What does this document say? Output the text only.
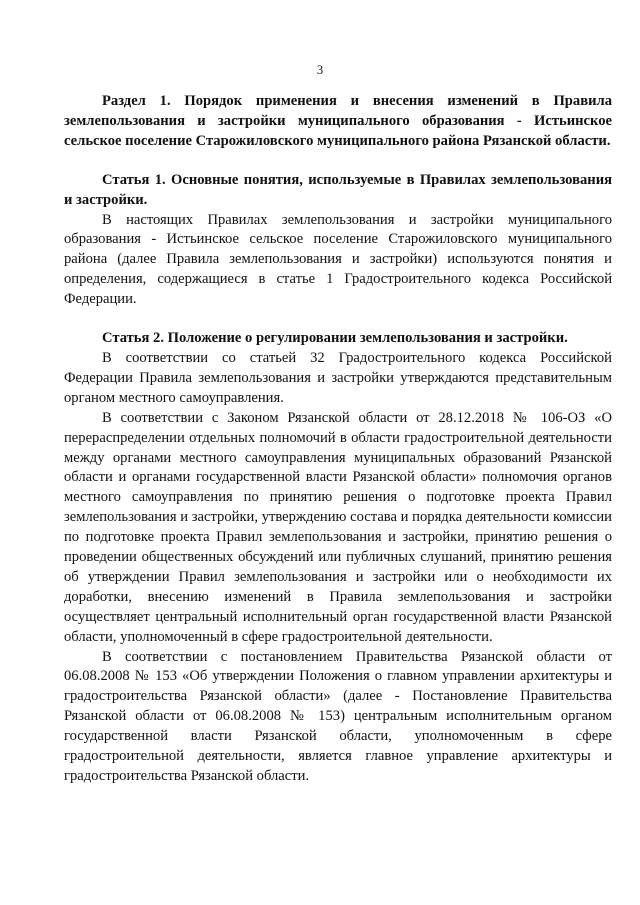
3

Раздел 1. Порядок применения и внесения изменений в Правила землепользования и застройки муниципального образования - Истьинское сельское поселение Старожиловского муниципального района Рязанской области.

Статья 1. Основные понятия, используемые в Правилах землепользования и застройки.

В настоящих Правилах землепользования и застройки муниципального образования - Истьинское сельское поселение Старожиловского муниципального района (далее Правила землепользования и застройки) используются понятия и определения, содержащиеся в статье 1 Градостроительного кодекса Российской Федерации.

Статья 2. Положение о регулировании землепользования и застройки.

В соответствии со статьей 32 Градостроительного кодекса Российской Федерации Правила землепользования и застройки утверждаются представительным органом местного самоуправления.

В соответствии с Законом Рязанской области от 28.12.2018 № 106-ОЗ «О перераспределении отдельных полномочий в области градостроительной деятельности между органами местного самоуправления муниципальных образований Рязанской области и органами государственной власти Рязанской области» полномочия органов местного самоуправления по принятию решения о подготовке проекта Правил землепользования и застройки, утверждению состава и порядка деятельности комиссии по подготовке проекта Правил землепользования и застройки, принятию решения о проведении общественных обсуждений или публичных слушаний, принятию решения об утверждении Правил землепользования и застройки или о необходимости их доработки, внесению изменений в Правила землепользования и застройки осуществляет центральный исполнительный орган государственной власти Рязанской области, уполномоченный в сфере градостроительной деятельности.

В соответствии с постановлением Правительства Рязанской области от 06.08.2008 № 153 «Об утверждении Положения о главном управлении архитектуры и градостроительства Рязанской области» (далее - Постановление Правительства Рязанской области от 06.08.2008 № 153) центральным исполнительным органом государственной власти Рязанской области, уполномоченным в сфере градостроительной деятельности, является главное управление архитектуры и градостроительства Рязанской области.
